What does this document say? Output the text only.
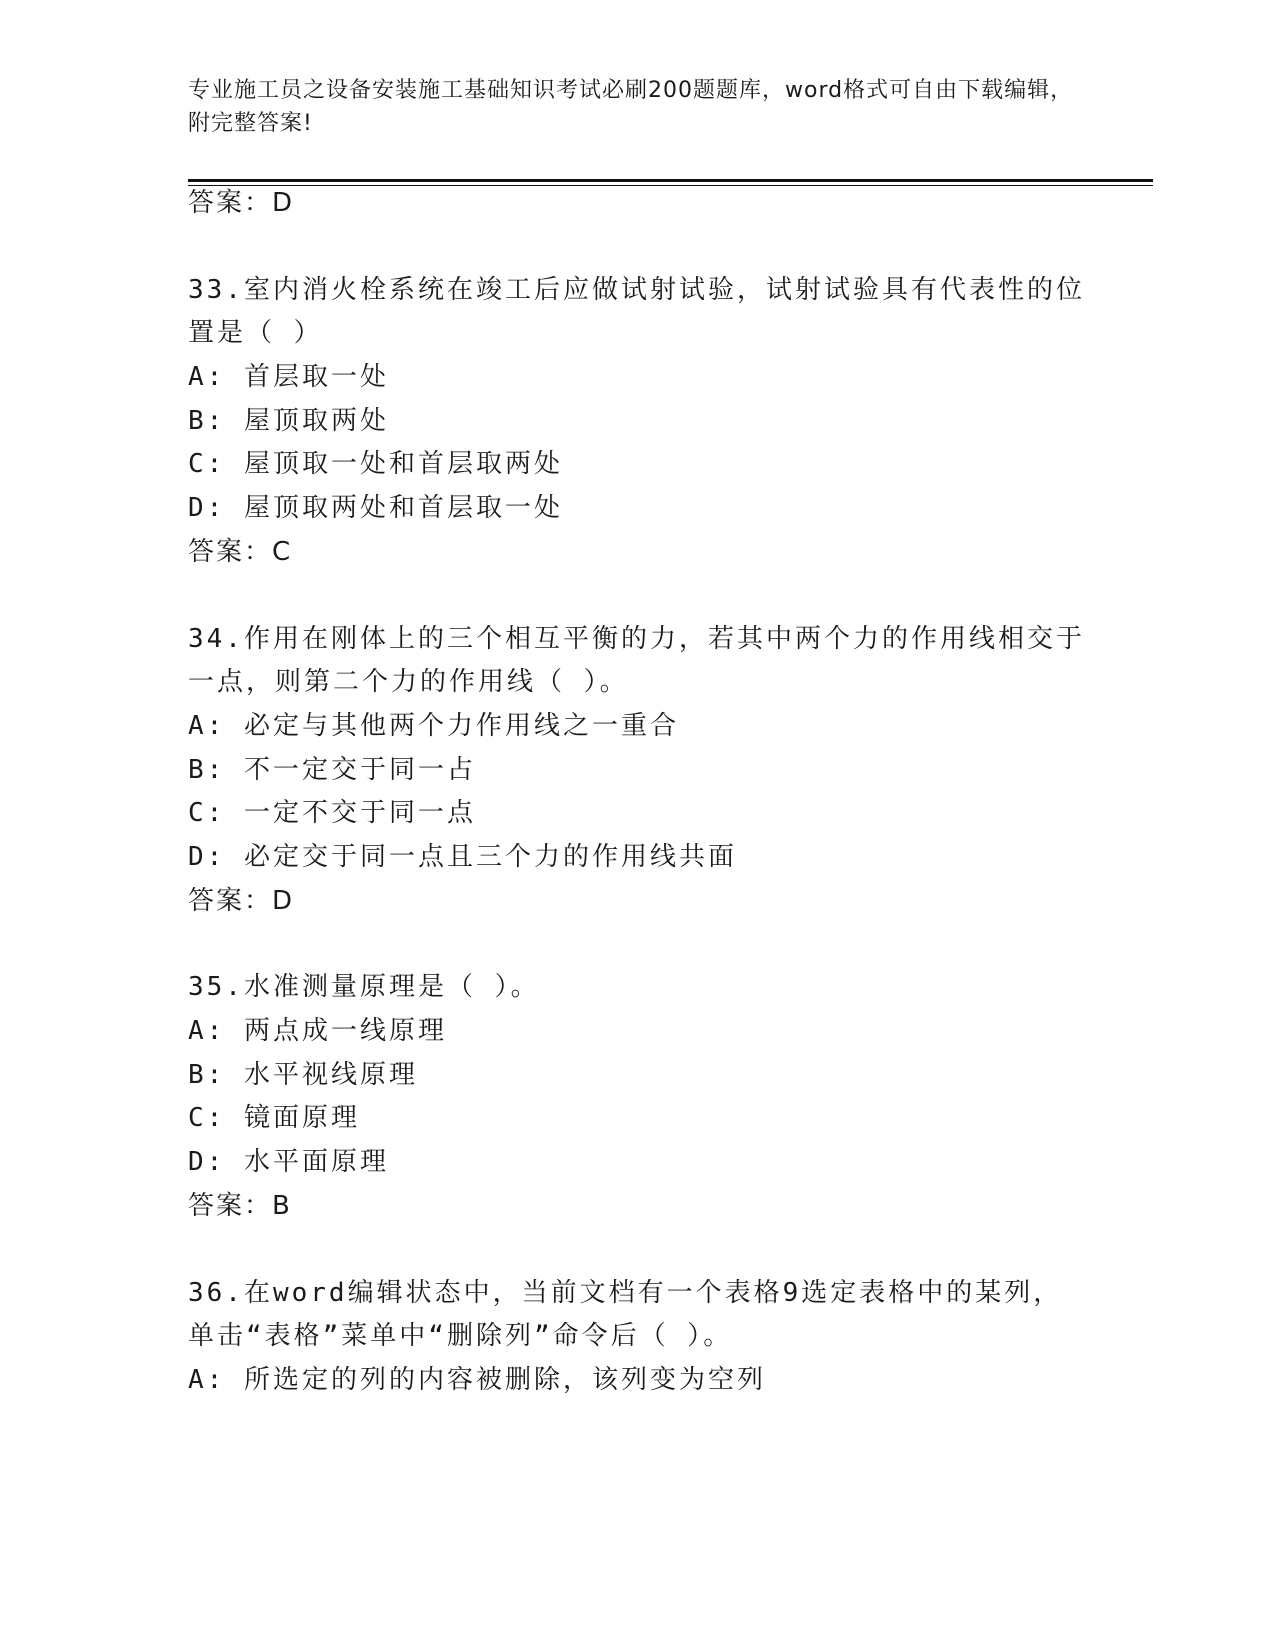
专业施工员之设备安装施工基础知识考试必刷200题题库，word格式可自由下载编辑，附完整答案!
答案：D
33.室内消火栓系统在竣工后应做试射试验，试射试验具有代表性的位
置是（ ）
A: 首层取一处
B: 屋顶取两处
C: 屋顶取一处和首层取两处
D: 屋顶取两处和首层取一处
答案：C
34.作用在刚体上的三个相互平衡的力，若其中两个力的作用线相交于
一点，则第二个力的作用线（ ）。
A: 必定与其他两个力作用线之一重合
B: 不一定交于同一占
C: 一定不交于同一点
D: 必定交于同一点且三个力的作用线共面
答案：D
35.水准测量原理是（ ）。
A: 两点成一线原理
B: 水平视线原理
C: 镜面原理
D: 水平面原理
答案：B
36.在word编辑状态中，当前文档有一个表格9选定表格中的某列，
单击“表格”菜单中“删除列”命令后（ ）。
A: 所选定的列的内容被删除，该列变为空列
